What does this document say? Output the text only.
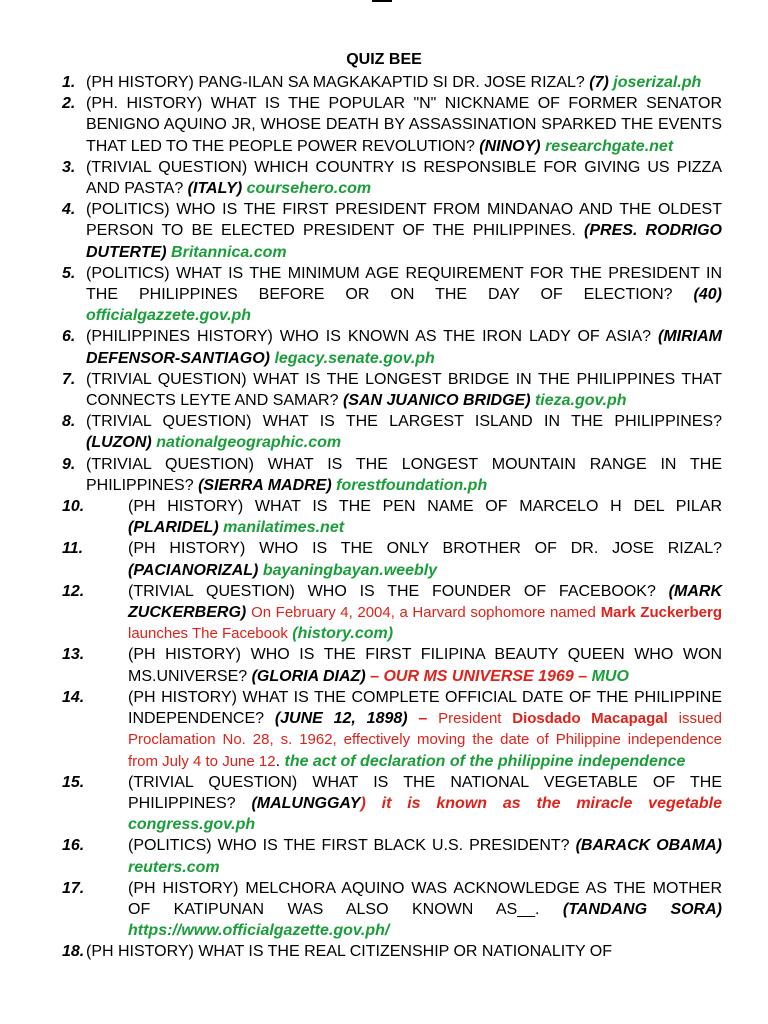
QUIZ BEE
1. (PH HISTORY) PANG-ILAN SA MAGKAKAPTID SI DR. JOSE RIZAL? (7) joserizal.ph
2. (PH. HISTORY) WHAT IS THE POPULAR "N" NICKNAME OF FORMER SENATOR BENIGNO AQUINO JR, WHOSE DEATH BY ASSASSINATION SPARKED THE EVENTS THAT LED TO THE PEOPLE POWER REVOLUTION? (NINOY) researchgate.net
3. (TRIVIAL QUESTION) WHICH COUNTRY IS RESPONSIBLE FOR GIVING US PIZZA AND PASTA? (ITALY) coursehero.com
4. (POLITICS) WHO IS THE FIRST PRESIDENT FROM MINDANAO AND THE OLDEST PERSON TO BE ELECTED PRESIDENT OF THE PHILIPPINES. (PRES. RODRIGO DUTERTE) Britannica.com
5. (POLITICS) WHAT IS THE MINIMUM AGE REQUIREMENT FOR THE PRESIDENT IN THE PHILIPPINES BEFORE OR ON THE DAY OF ELECTION? (40) officialgazzete.gov.ph
6. (PHILIPPINES HISTORY) WHO IS KNOWN AS THE IRON LADY OF ASIA? (MIRIAM DEFENSOR-SANTIAGO) legacy.senate.gov.ph
7. (TRIVIAL QUESTION) WHAT IS THE LONGEST BRIDGE IN THE PHILIPPINES THAT CONNECTS LEYTE AND SAMAR? (SAN JUANICO BRIDGE) tieza.gov.ph
8. (TRIVIAL QUESTION) WHAT IS THE LARGEST ISLAND IN THE PHILIPPINES?(LUZON) nationalgeographic.com
9. (TRIVIAL QUESTION) WHAT IS THE LONGEST MOUNTAIN RANGE IN THE PHILIPPINES? (SIERRA MADRE) forestfoundation.ph
10.	(PH HISTORY) WHAT IS THE PEN NAME OF MARCELO H DEL PILAR (PLARIDEL) manilatimes.net
11.	(PH HISTORY) WHO IS THE ONLY BROTHER OF DR. JOSE RIZAL? (PACIANORIZAL) bayaningbayan.weebly
12.	(TRIVIAL QUESTION) WHO IS THE FOUNDER OF FACEBOOK? (MARK ZUCKERBERG) On February 4, 2004, a Harvard sophomore named Mark Zuckerberg launches The Facebook (history.com)
13.	(PH HISTORY) WHO IS THE FIRST FILIPINA BEAUTY QUEEN WHO WON MS.UNIVERSE? (GLORIA DIAZ) – OUR MS UNIVERSE 1969 – MUO
14.	(PH HISTORY) WHAT IS THE COMPLETE OFFICIAL DATE OF THE PHILIPPINE INDEPENDENCE? (JUNE 12, 1898) – President Diosdado Macapagal issued Proclamation No. 28, s. 1962, effectively moving the date of Philippine independence from July 4 to June 12. the act of declaration of the philippine independence
15.	(TRIVIAL QUESTION) WHAT IS THE NATIONAL VEGETABLE OF THE PHILIPPINES? (MALUNGGAY) it is known as the miracle vegetable congress.gov.ph
16.	(POLITICS) WHO IS THE FIRST BLACK U.S. PRESIDENT? (BARACK OBAMA) reuters.com
17.	(PH HISTORY) MELCHORA AQUINO WAS ACKNOWLEDGE AS THE MOTHER OF KATIPUNAN WAS ALSO KNOWN AS__. (TANDANG SORA) https://www.officialgazette.gov.ph/
18. (PH HISTORY) WHAT IS THE REAL CITIZENSHIP OR NATIONALITY OF
